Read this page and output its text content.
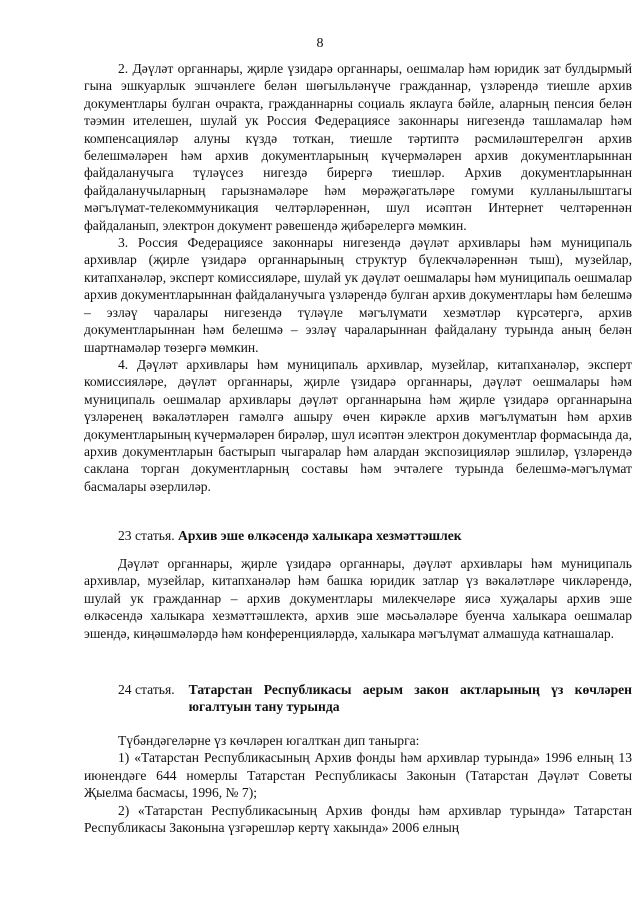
8

2. Дәүләт органнары, җирле үзидарә органнары, оешмалар һәм юридик зат булдырмый гына эшкуарлык эшчәнлеге белән шөгыльләнүче гражданнар, үзләрендә тиешле архив документлары булган очракта, гражданнарны социаль яклауга бәйле, аларның пенсия белән тәэмин ителешен, шулай ук Россия Федерациясе законнары нигезендә ташламалар һәм компенсацияләр алуны күздә тоткан, тиешле тәртиптә рәсмиләштерелгән архив белешмәләрен һәм архив документларының күчермәләрен архив документларыннан файдаланучыга түләүсез нигездә бирергә тиешләр. Архив документларыннан файдаланучыларның гарызнамәләре һәм мөрәҗәгатьләре гомуми кулланылыштагы мәгълүмат-телекоммуникация челтәрләреннән, шул исәптән Интернет челтәреннән файдаланып, электрон документ рәвешендә җибәрелергә мөмкин.

3. Россия Федерациясе законнары нигезендә дәүләт архивлары һәм муниципаль архивлар (җирле үзидарә органнарының структур бүлекчәләреннән тыш), музейлар, китапханәләр, эксперт комиссияләре, шулай ук дәүләт оешмалары һәм муниципаль оешмалар архив документларыннан файдаланучыга үзләрендә булган архив документлары һәм белешмә – эзләү чаралары нигезендә түләүле мәгълүмати хезмәтләр күрсәтергә, архив документларыннан һәм белешмә – эзләү чараларыннан файдалану турында аның белән шартнамәләр төзергә мөмкин.

4. Дәүләт архивлары һәм муниципаль архивлар, музейлар, китапханәләр, эксперт комиссияләре, дәүләт органнары, җирле үзидарә органнары, дәүләт оешмалары һәм муниципаль оешмалар архивлары дәүләт органнарына һәм җирле үзидарә органнарына үзләренең вәкаләтләрен гамәлгә ашыру өчен кирәкле архив мәгълүматын һәм архив документларының күчермәләрен бирәләр, шул исәптән электрон документлар формасында да, архив документларын бастырып чыгаралар һәм алардан экспозицияләр эшлиләр, үзләрендә саклана торган документларның составы һәм эчтәлеге турында белешмә-мәгълүмат басмалары әзерлиләр.

23 статья. Архив эше өлкәсендә халыкара хезмәттәшлек

Дәүләт органнары, җирле үзидарә органнары, дәүләт архивлары һәм муниципаль архивлар, музейлар, китапханәләр һәм башка юридик затлар үз вәкаләтләре чикләрендә, шулай ук гражданнар – архив документлары милекчеләре яисә хуҗалары архив эше өлкәсендә халыкара хезмәттәшлектә, архив эше мәсьәләләре буенча халыкара оешмалар эшендә, киңәшмәләрдә һәм конференцияләрдә, халыкара мәгълүмат алмашуда катнашалар.

24 статья.	Татарстан Республикасы аерым закон актларының үз көчләрен югалтуын тану турында

Түбәндәгеләрне үз көчләрен югалткан дип танырга:

1) «Татарстан Республикасының Архив фонды һәм архивлар турында» 1996 елның 13 июнендәге 644 номерлы Татарстан Республикасы Законын (Татарстан Дәүләт Советы Җыелма басмасы, 1996, № 7);

2) «Татарстан Республикасының Архив фонды һәм архивлар турында» Татарстан Республикасы Законына үзгәрешләр кертү хакында» 2006 елның
